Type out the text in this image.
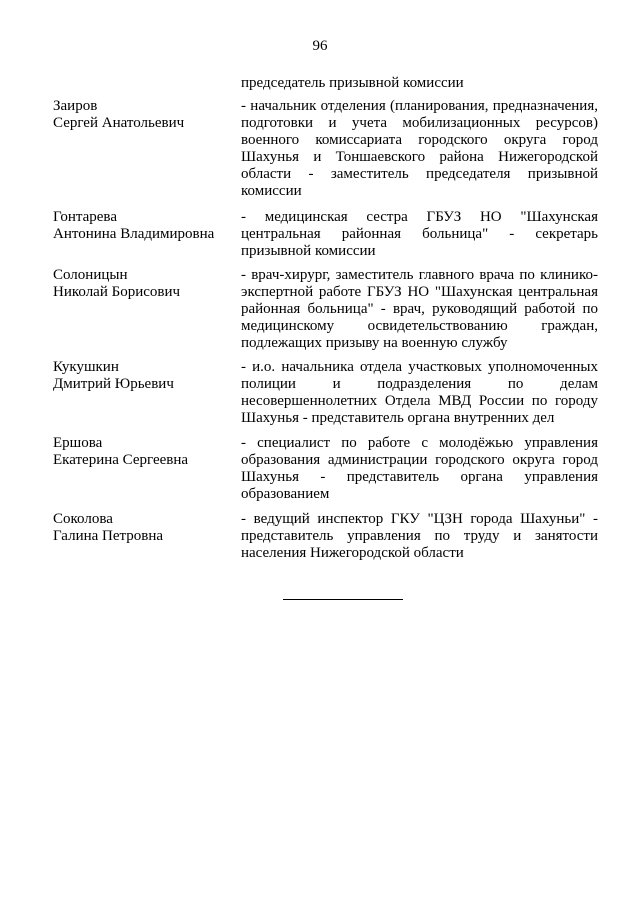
96
председатель призывной комиссии
Заиров
Сергей Анатольевич
- начальник отделения (планирования, предназначения, подготовки и учета мобилизационных ресурсов) военного комиссариата городского округа город Шахунья и Тоншаевского района Нижегородской области - заместитель председателя призывной комиссии
Гонтарева
Антонина Владимировна
- медицинская сестра ГБУЗ НО "Шахунская центральная районная больница" - секретарь призывной комиссии
Солоницын
Николай Борисович
- врач-хирург, заместитель главного врача по клинико-экспертной работе ГБУЗ НО "Шахунская центральная районная больница" - врач, руководящий работой по медицинскому освидетельствованию граждан, подлежащих призыву на военную службу
Кукушкин
Дмитрий Юрьевич
- и.о. начальника отдела участковых уполномоченных полиции и подразделения по делам несовершеннолетних Отдела МВД России по городу Шахунья - представитель органа внутренних дел
Ершова
Екатерина Сергеевна
- специалист по работе с молодёжью управления образования администрации городского округа город Шахунья - представитель органа управления образованием
Соколова
Галина Петровна
- ведущий инспектор ГКУ "ЦЗН города Шахуньи" - представитель управления по труду и занятости населения Нижегородской области
